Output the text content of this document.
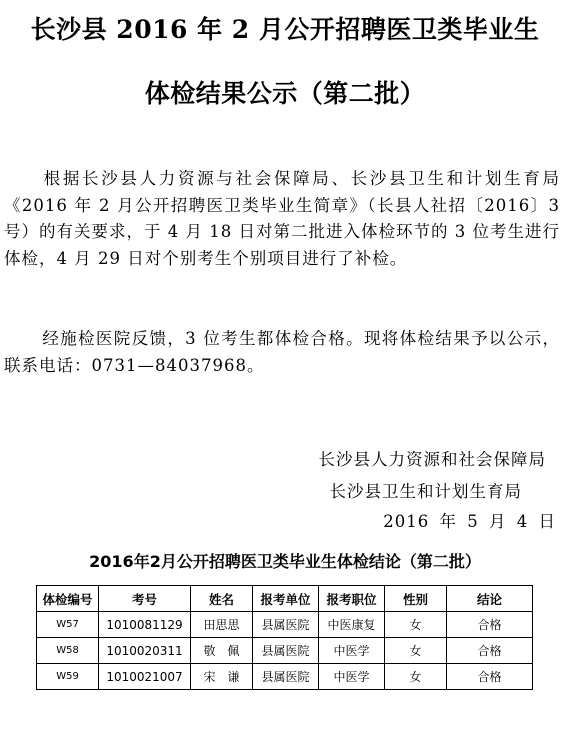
长沙县 2016 年 2 月公开招聘医卫类毕业生
体检结果公示（第二批）
根据长沙县人力资源与社会保障局、长沙县卫生和计划生育局《2016 年 2 月公开招聘医卫类毕业生简章》（长县人社招〔2016〕3 号）的有关要求，于 4 月 18 日对第二批进入体检环节的 3 位考生进行体检，4 月 29 日对个别考生个别项目进行了补检。
经施检医院反馈，3 位考生都体检合格。现将体检结果予以公示，联系电话：0731—84037968。
长沙县人力资源和社会保障局
长沙县卫生和计划生育局
2016 年 5 月 4 日
2016年2月公开招聘医卫类毕业生体检结论（第二批）
体检编号	考号	姓名	报考单位	报考职位	性别	结论
W57	1010081129	田思思	县属医院	中医康复	女	合格
W58	1010020311	敬　佩	县属医院	中医学	女	合格
W59	1010021007	宋　谦	县属医院	中医学	女	合格
